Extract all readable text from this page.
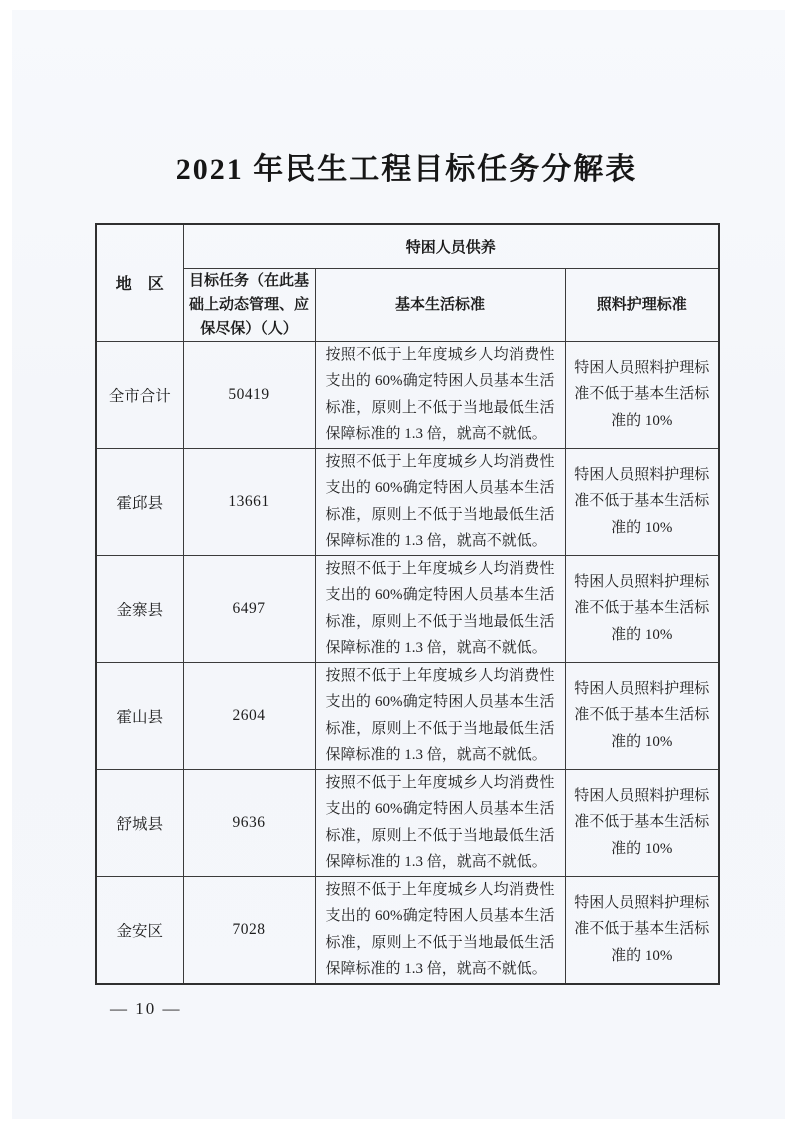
2021 年民生工程目标任务分解表
地　区	特困人员供养		
	目标任务（在此基础上动态管理、应保尽保）（人）	基本生活标准	照料护理标准
全市合计	50419	按照不低于上年度城乡人均消费性支出的 60%确定特困人员基本生活标准，原则上不低于当地最低生活保障标准的 1.3 倍，就高不就低。	特困人员照料护理标准不低于基本生活标准的 10%
霍邱县	13661	按照不低于上年度城乡人均消费性支出的 60%确定特困人员基本生活标准，原则上不低于当地最低生活保障标准的 1.3 倍，就高不就低。	特困人员照料护理标准不低于基本生活标准的 10%
金寨县	6497	按照不低于上年度城乡人均消费性支出的 60%确定特困人员基本生活标准，原则上不低于当地最低生活保障标准的 1.3 倍，就高不就低。	特困人员照料护理标准不低于基本生活标准的 10%
霍山县	2604	按照不低于上年度城乡人均消费性支出的 60%确定特困人员基本生活标准，原则上不低于当地最低生活保障标准的 1.3 倍，就高不就低。	特困人员照料护理标准不低于基本生活标准的 10%
舒城县	9636	按照不低于上年度城乡人均消费性支出的 60%确定特困人员基本生活标准，原则上不低于当地最低生活保障标准的 1.3 倍，就高不就低。	特困人员照料护理标准不低于基本生活标准的 10%
金安区	7028	按照不低于上年度城乡人均消费性支出的 60%确定特困人员基本生活标准，原则上不低于当地最低生活保障标准的 1.3 倍，就高不就低。	特困人员照料护理标准不低于基本生活标准的 10%
— 10 —
